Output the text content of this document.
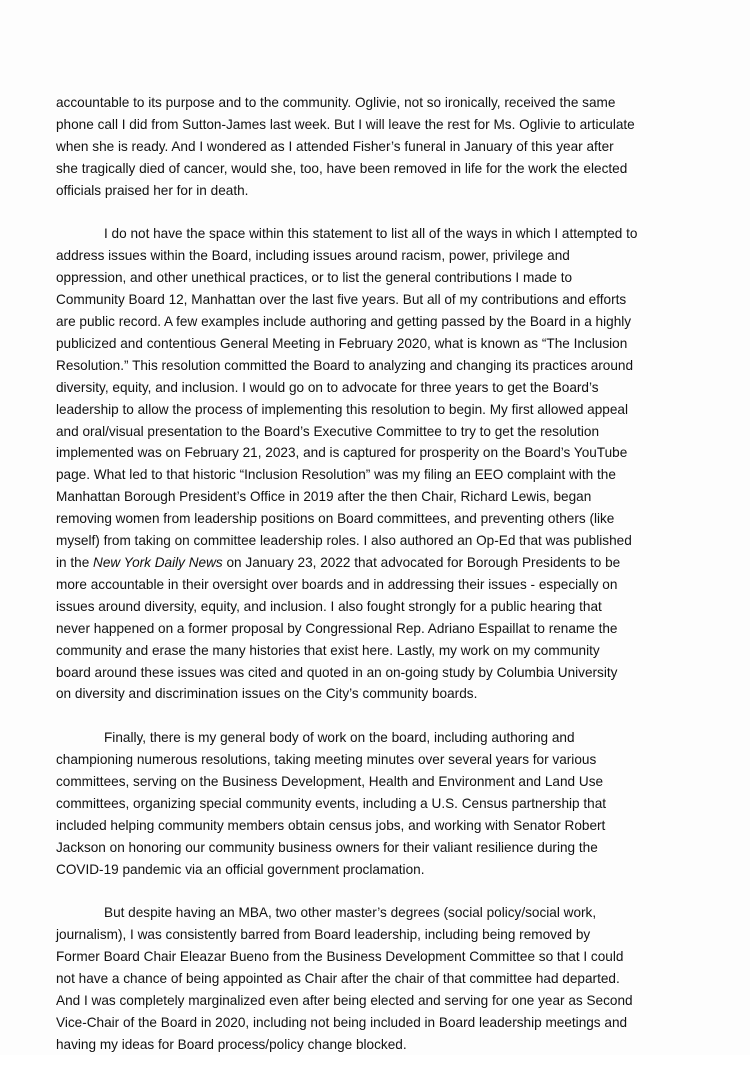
accountable to its purpose and to the community. Oglivie, not so ironically, received the same
phone call I did from Sutton-James last week. But I will leave the rest for Ms. Oglivie to articulate
when she is ready. And I wondered as I attended Fisher’s funeral in January of this year after
she tragically died of cancer, would she, too, have been removed in life for the work the elected
officials praised her for in death.

I do not have the space within this statement to list all of the ways in which I attempted to
address issues within the Board, including issues around racism, power, privilege and
oppression, and other unethical practices, or to list the general contributions I made to
Community Board 12, Manhattan over the last five years. But all of my contributions and efforts
are public record. A few examples include authoring and getting passed by the Board in a highly
publicized and contentious General Meeting in February 2020, what is known as “The Inclusion
Resolution.” This resolution committed the Board to analyzing and changing its practices around
diversity, equity, and inclusion. I would go on to advocate for three years to get the Board’s
leadership to allow the process of implementing this resolution to begin. My first allowed appeal
and oral/visual presentation to the Board’s Executive Committee to try to get the resolution
implemented was on February 21, 2023, and is captured for prosperity on the Board’s YouTube
page. What led to that historic “Inclusion Resolution” was my filing an EEO complaint with the
Manhattan Borough President’s Office in 2019 after the then Chair, Richard Lewis, began
removing women from leadership positions on Board committees, and preventing others (like
myself) from taking on committee leadership roles. I also authored an Op-Ed that was published
in the New York Daily News on January 23, 2022 that advocated for Borough Presidents to be
more accountable in their oversight over boards and in addressing their issues - especially on
issues around diversity, equity, and inclusion. I also fought strongly for a public hearing that
never happened on a former proposal by Congressional Rep. Adriano Espaillat to rename the
community and erase the many histories that exist here. Lastly, my work on my community
board around these issues was cited and quoted in an on-going study by Columbia University
on diversity and discrimination issues on the City’s community boards.

Finally, there is my general body of work on the board, including authoring and
championing numerous resolutions, taking meeting minutes over several years for various
committees, serving on the Business Development, Health and Environment and Land Use
committees, organizing special community events, including a U.S. Census partnership that
included helping community members obtain census jobs, and working with Senator Robert
Jackson on honoring our community business owners for their valiant resilience during the
COVID-19 pandemic via an official government proclamation.

But despite having an MBA, two other master’s degrees (social policy/social work,
journalism), I was consistently barred from Board leadership, including being removed by
Former Board Chair Eleazar Bueno from the Business Development Committee so that I could
not have a chance of being appointed as Chair after the chair of that committee had departed.
And I was completely marginalized even after being elected and serving for one year as Second
Vice-Chair of the Board in 2020, including not being included in Board leadership meetings and
having my ideas for Board process/policy change blocked.
